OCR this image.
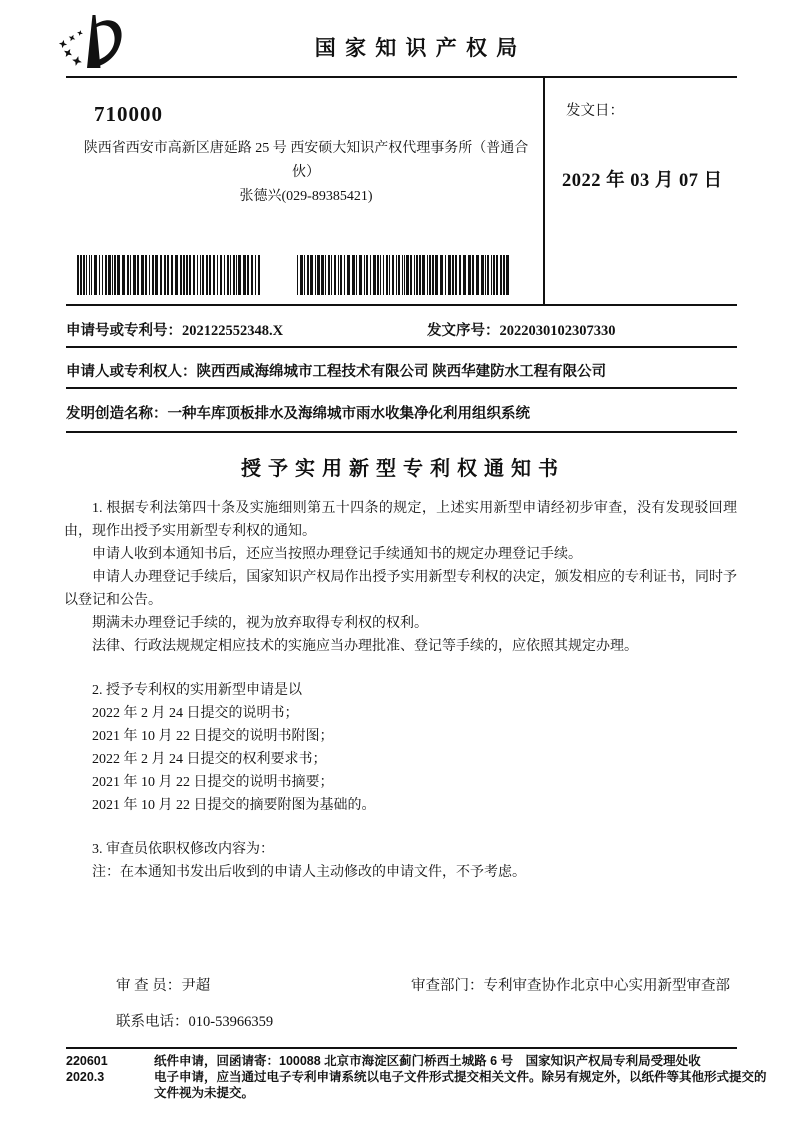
国 家 知 识 产 权 局
710000
陕西省西安市高新区唐延路 25 号 西安硕大知识产权代理事务所（普通合伙）
张德兴(029-89385421)
发文日：
2022 年 03 月 07 日
申请号或专利号：202122552348.X	发文序号：2022030102307330
申请人或专利权人：陕西西咸海绵城市工程技术有限公司 陕西华建防水工程有限公司
发明创造名称：一种车库顶板排水及海绵城市雨水收集净化利用组织系统
授 予 实 用 新 型 专 利 权 通 知 书

1. 根据专利法第四十条及实施细则第五十四条的规定，上述实用新型申请经初步审查，没有发现驳回理由，现作出授予实用新型专利权的通知。

申请人收到本通知书后，还应当按照办理登记手续通知书的规定办理登记手续。

申请人办理登记手续后，国家知识产权局作出授予实用新型专利权的决定，颁发相应的专利证书，同时予以登记和公告。

期满未办理登记手续的，视为放弃取得专利权的权利。

法律、行政法规规定相应技术的实施应当办理批准、登记等手续的，应依照其规定办理。

2. 授予专利权的实用新型申请是以

2022 年 2 月 24 日提交的说明书；

2021 年 10 月 22 日提交的说明书附图；

2022 年 2 月 24 日提交的权利要求书；

2021 年 10 月 22 日提交的说明书摘要；

2021 年 10 月 22 日提交的摘要附图为基础的。

3. 审查员依职权修改内容为：

注：在本通知书发出后收到的申请人主动修改的申请文件，不予考虑。

审 查 员：尹超	审查部门：专利审查协作北京中心实用新型审查部
联系电话：010-53966359
220601
2020.3
纸件申请，回函请寄：100088 北京市海淀区蓟门桥西土城路 6 号　国家知识产权局专利局受理处收
电子申请，应当通过电子专利申请系统以电子文件形式提交相关文件。除另有规定外，以纸件等其他形式提交的
文件视为未提交。
